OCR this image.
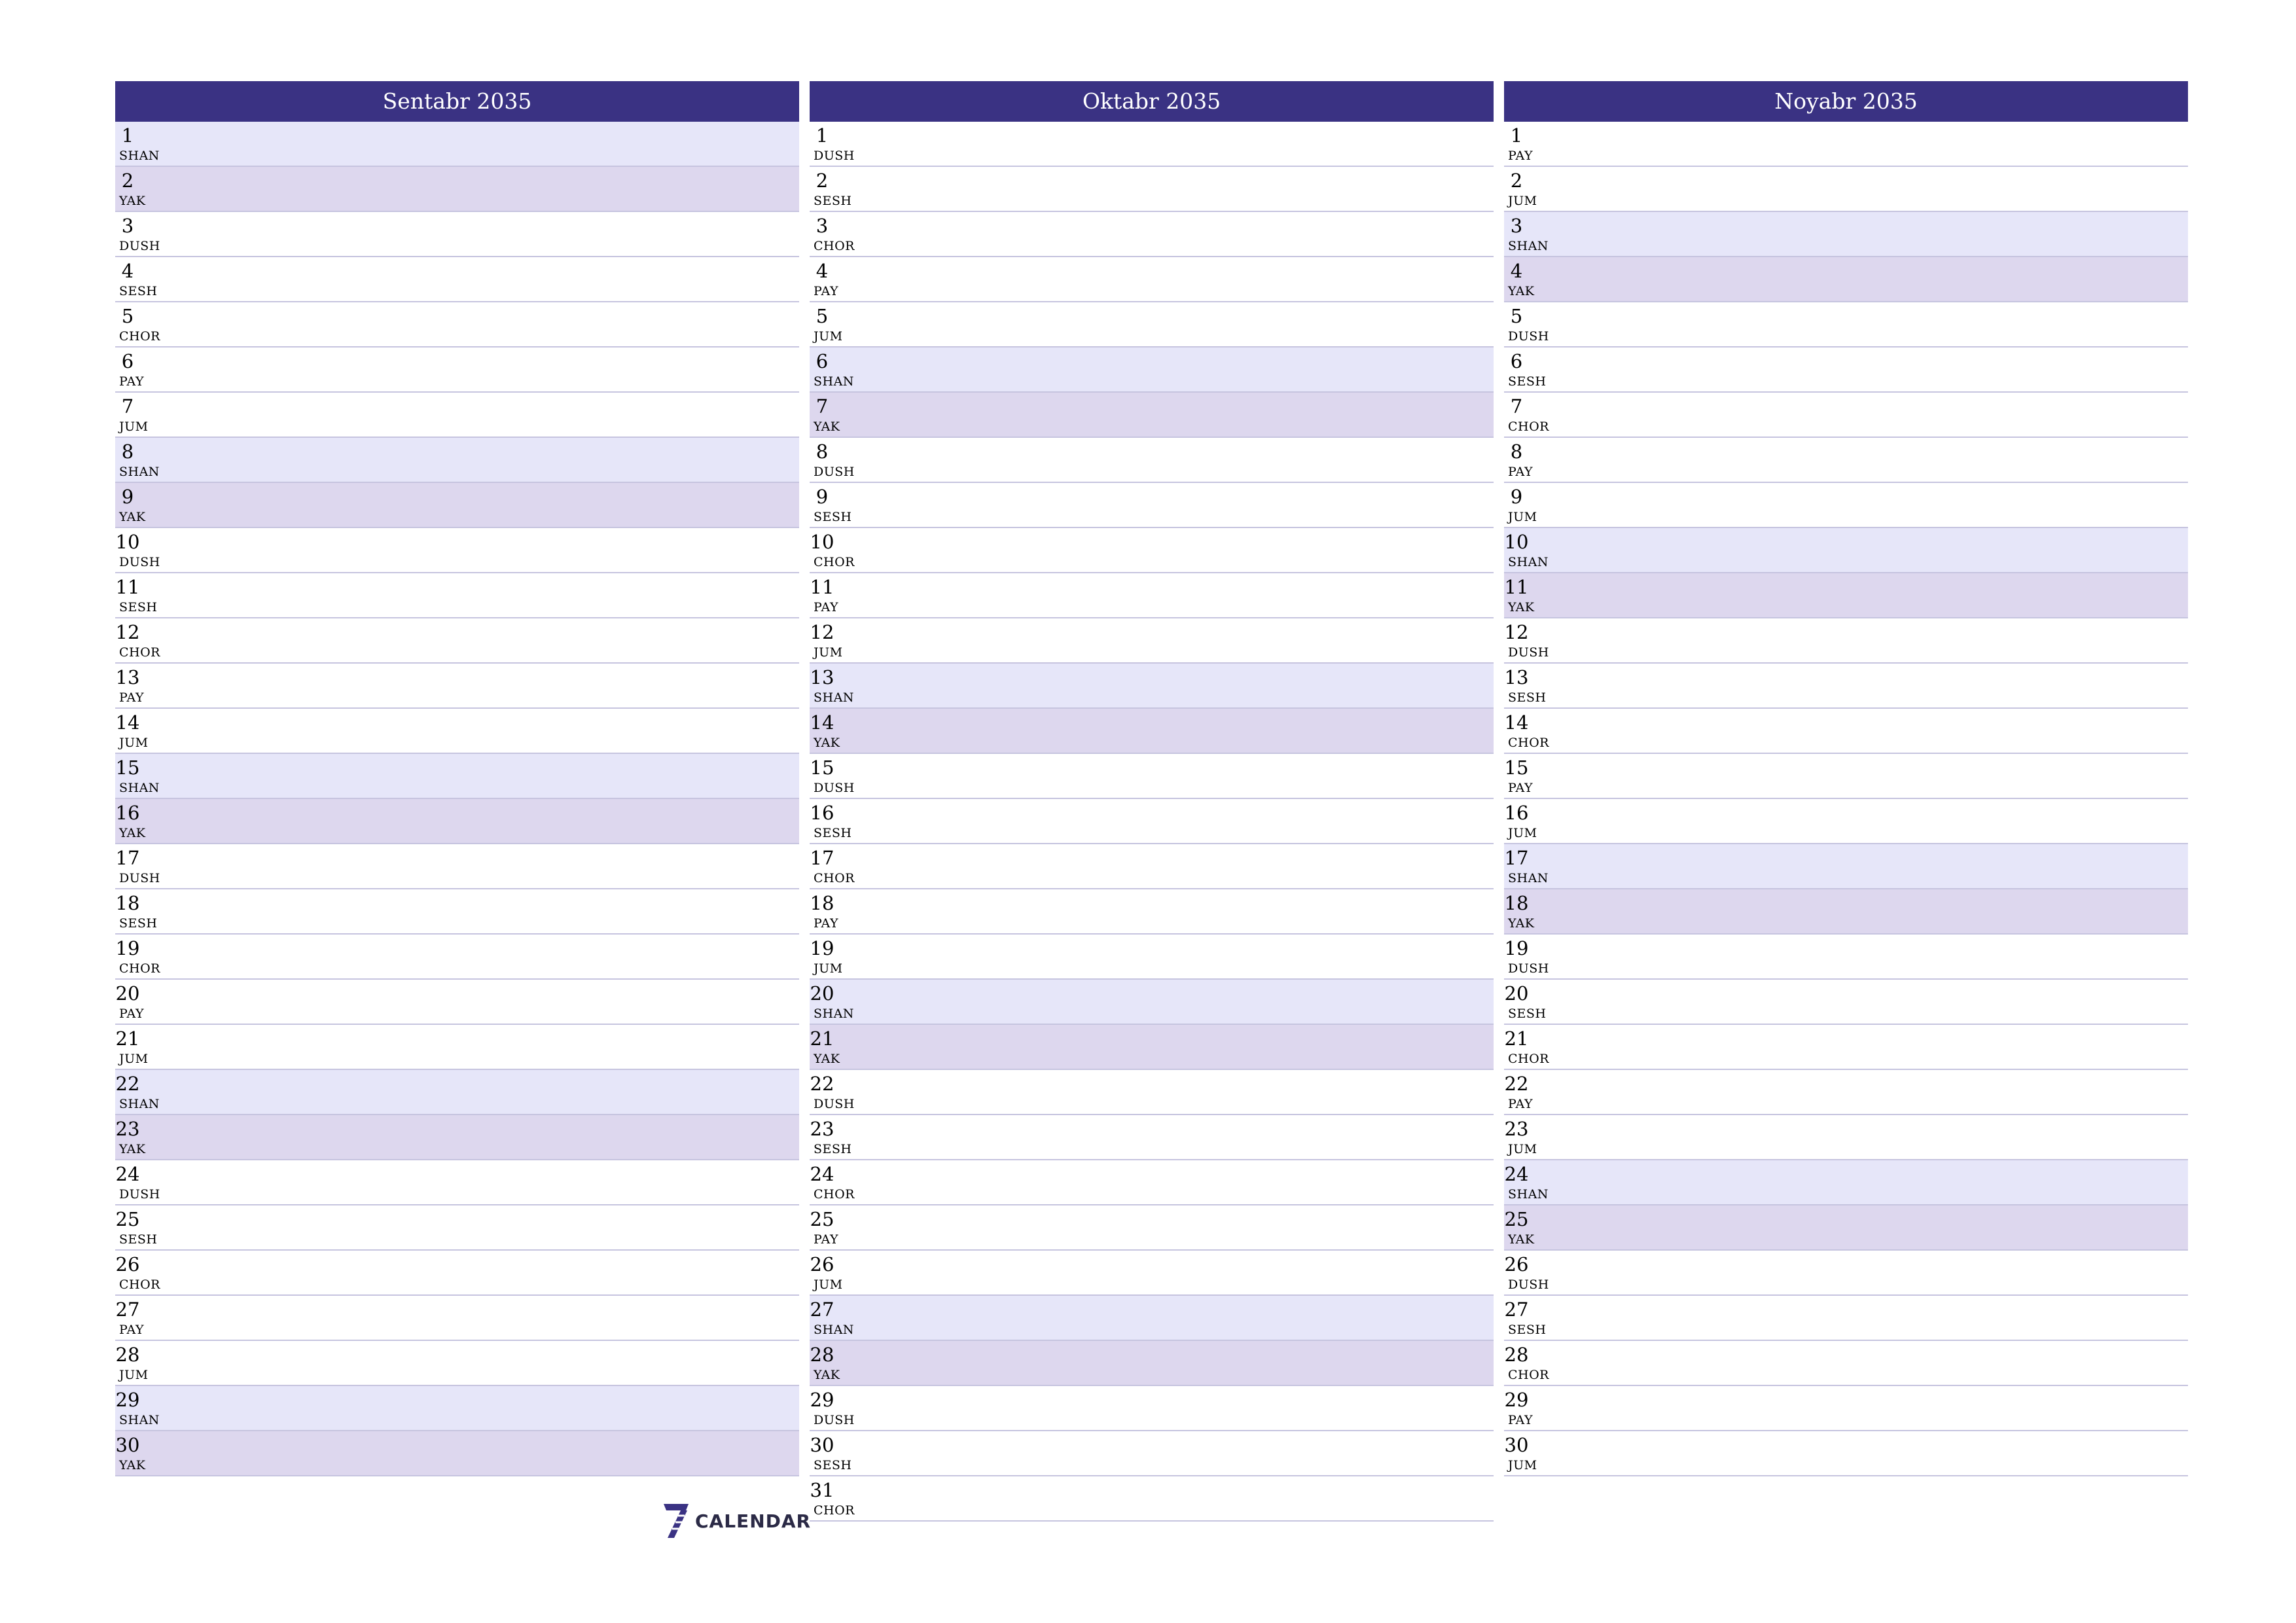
Sentabr 2035
1
SHAN
2
YAK
3
DUSH
4
SESH
5
CHOR
6
PAY
7
JUM
8
SHAN
9
YAK
10
DUSH
11
SESH
12
CHOR
13
PAY
14
JUM
15
SHAN
16
YAK
17
DUSH
18
SESH
19
CHOR
20
PAY
21
JUM
22
SHAN
23
YAK
24
DUSH
25
SESH
26
CHOR
27
PAY
28
JUM
29
SHAN
30
YAK
Oktabr 2035
1
DUSH
2
SESH
3
CHOR
4
PAY
5
JUM
6
SHAN
7
YAK
8
DUSH
9
SESH
10
CHOR
11
PAY
12
JUM
13
SHAN
14
YAK
15
DUSH
16
SESH
17
CHOR
18
PAY
19
JUM
20
SHAN
21
YAK
22
DUSH
23
SESH
24
CHOR
25
PAY
26
JUM
27
SHAN
28
YAK
29
DUSH
30
SESH
31
CHOR
Noyabr 2035
1
PAY
2
JUM
3
SHAN
4
YAK
5
DUSH
6
SESH
7
CHOR
8
PAY
9
JUM
10
SHAN
11
YAK
12
DUSH
13
SESH
14
CHOR
15
PAY
16
JUM
17
SHAN
18
YAK
19
DUSH
20
SESH
21
CHOR
22
PAY
23
JUM
24
SHAN
25
YAK
26
DUSH
27
SESH
28
CHOR
29
PAY
30
JUM
CALENDAR
